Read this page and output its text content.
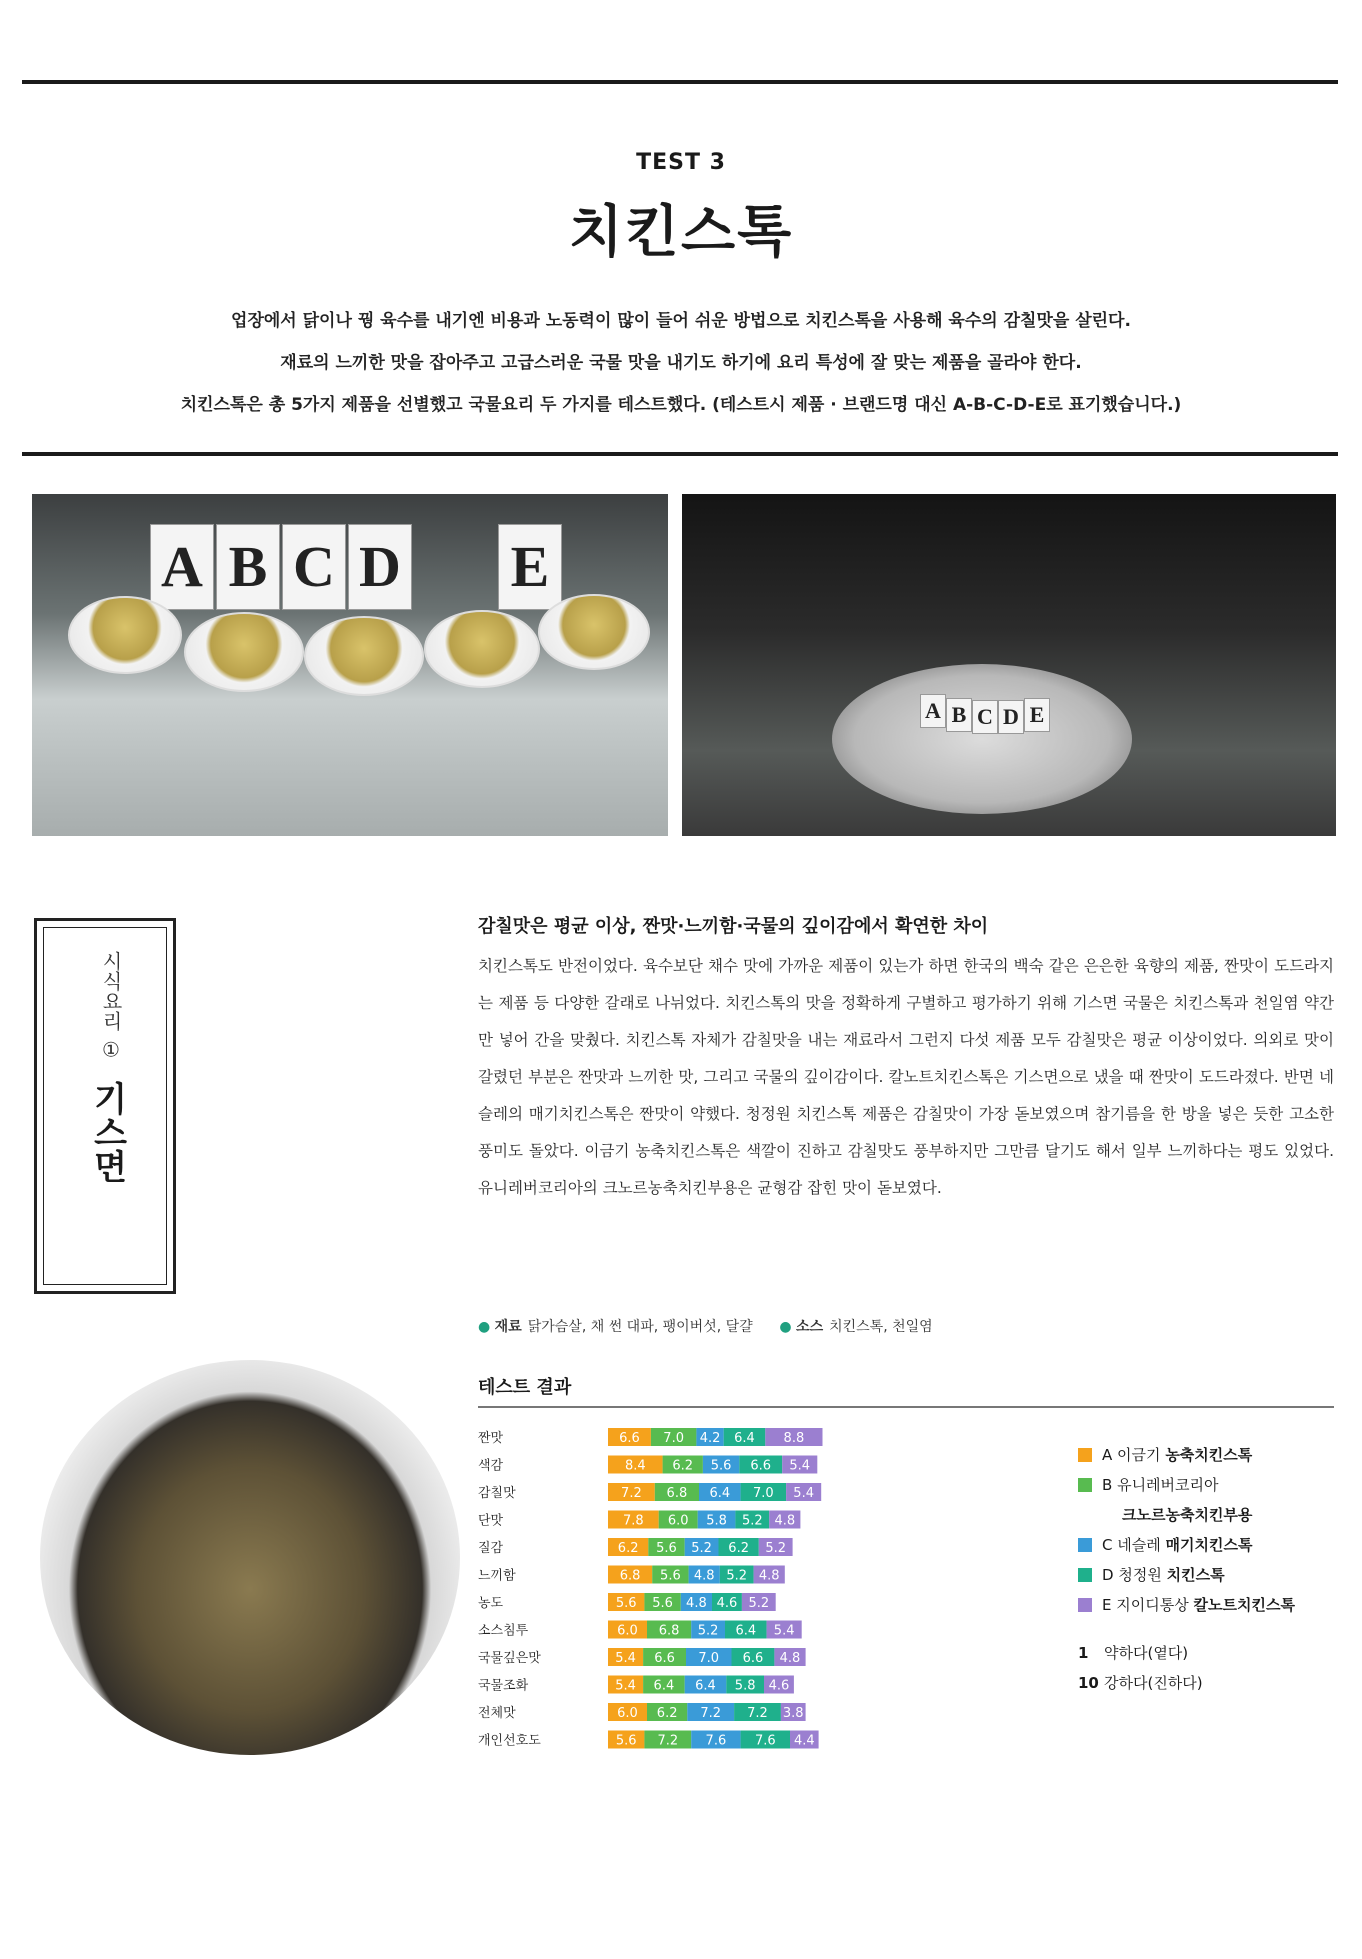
TEST 3
치킨스톡
업장에서 닭이나 꿩 육수를 내기엔 비용과 노동력이 많이 들어 쉬운 방법으로 치킨스톡을 사용해 육수의 감칠맛을 살린다.
재료의 느끼한 맛을 잡아주고 고급스러운 국물 맛을 내기도 하기에 요리 특성에 잘 맞는 제품을 골라야 한다.
치킨스톡은 총 5가지 제품을 선별했고 국물요리 두 가지를 테스트했다. (테스트시 제품 · 브랜드명 대신 A-B-C-D-E로 표기했습니다.)
A B C D E
A B C D E
시식요리 ①
기스면
감칠맛은 평균 이상, 짠맛·느끼함·국물의 깊이감에서 확연한 차이
치킨스톡도 반전이었다. 육수보단 채수 맛에 가까운 제품이 있는가 하면 한국의 백숙 같은 은은한 육향의 제품, 짠맛이 도드라지는 제품 등 다양한 갈래로 나뉘었다. 치킨스톡의 맛을 정확하게 구별하고 평가하기 위해 기스면 국물은 치킨스톡과 천일염 약간만 넣어 간을 맞췄다. 치킨스톡 자체가 감칠맛을 내는 재료라서 그런지 다섯 제품 모두 감칠맛은 평균 이상이었다. 의외로 맛이 갈렸던 부분은 짠맛과 느끼한 맛, 그리고 국물의 깊이감이다. 칼노트치킨스톡은 기스면으로 냈을 때 짠맛이 도드라졌다. 반면 네슬레의 매기치킨스톡은 짠맛이 약했다. 청정원 치킨스톡 제품은 감칠맛이 가장 돋보였으며 참기름을 한 방울 넣은 듯한 고소한 풍미도 돌았다. 이금기 농축치킨스톡은 색깔이 진하고 감칠맛도 풍부하지만 그만큼 달기도 해서 일부 느끼하다는 평도 있었다. 유니레버코리아의 크노르농축치킨부용은 균형감 잡힌 맛이 돋보였다.
● 재료 닭가슴살, 채 썬 대파, 팽이버섯, 달걀 ● 소스 치킨스톡, 천일염
테스트 결과
짠맛	6.6 7.0 4.2 6.4 8.8
색감	8.4 6.2 5.6 6.6 5.4
감칠맛	7.2 6.8 6.4 7.0 5.4
단맛	7.8 6.0 5.8 5.2 4.8
질감	6.2 5.6 5.2 6.2 5.2
느끼함	6.8 5.6 4.8 5.2 4.8
농도	5.6 5.6 4.8 4.6 5.2
소스침투	6.0 6.8 5.2 6.4 5.4
국물깊은맛	5.4 6.6 7.0 6.6 4.8
국물조화	5.4 6.4 6.4 5.8 4.6
전체맛	6.0 6.2 7.2 7.2 3.8
개인선호도	5.6 7.2 7.6 7.6 4.4
A 이금기 농축치킨스톡
B 유니레버코리아
크노르농축치킨부용
C 네슬레 매기치킨스톡
D 청정원 치킨스톡
E 지이디통상 칼노트치킨스톡
1 약하다(옅다)
10 강하다(진하다)
